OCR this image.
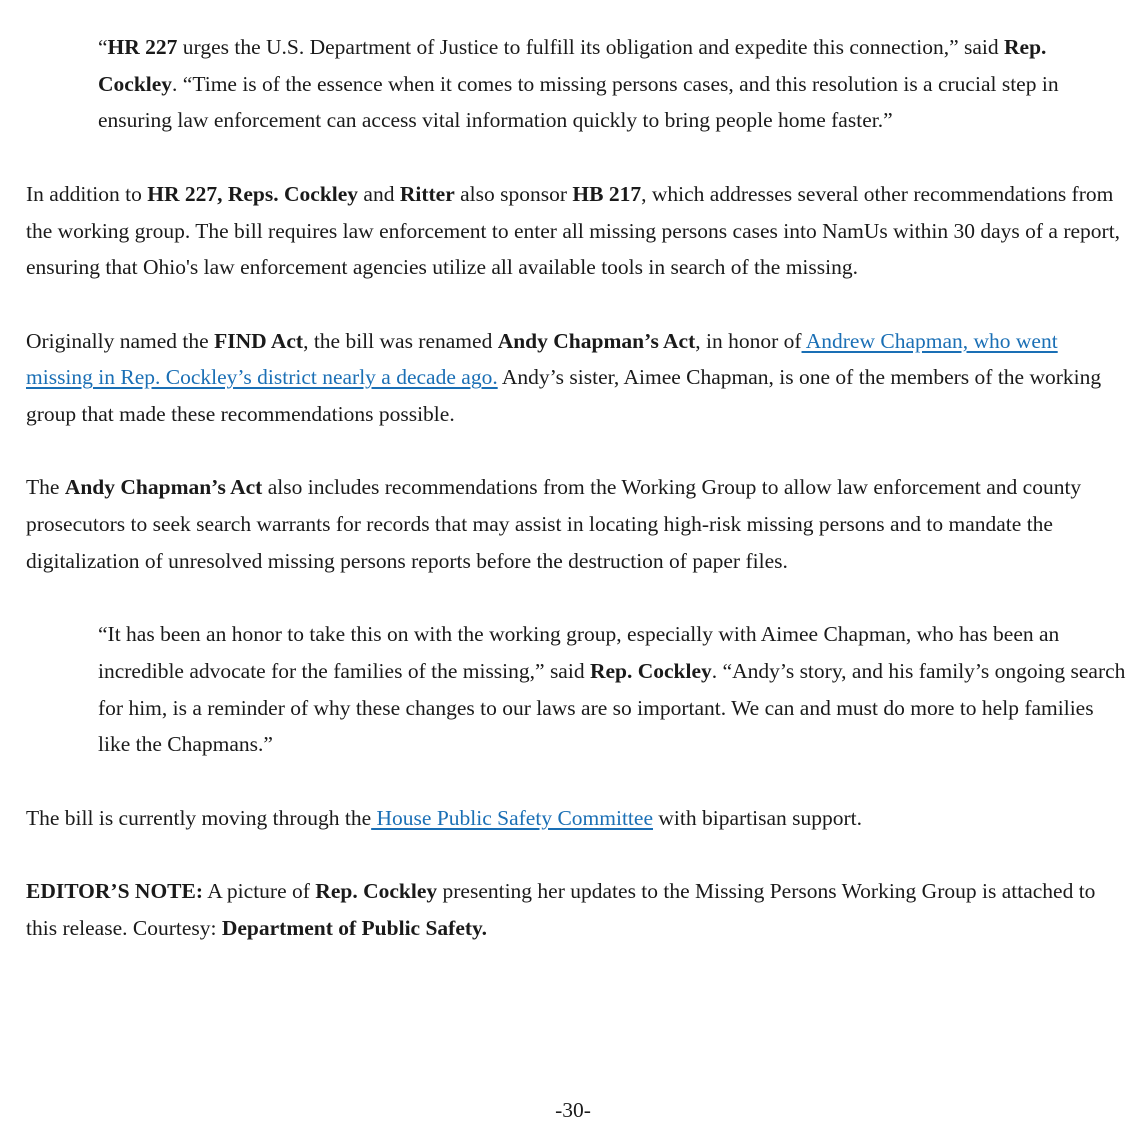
“HR 227 urges the U.S. Department of Justice to fulfill its obligation and expedite this connection,” said Rep. Cockley. “Time is of the essence when it comes to missing persons cases, and this resolution is a crucial step in ensuring law enforcement can access vital information quickly to bring people home faster.”

In addition to HR 227, Reps. Cockley and Ritter also sponsor HB 217, which addresses several other recommendations from the working group. The bill requires law enforcement to enter all missing persons cases into NamUs within 30 days of a report, ensuring that Ohio's law enforcement agencies utilize all available tools in search of the missing.

Originally named the FIND Act, the bill was renamed Andy Chapman’s Act, in honor of Andrew Chapman, who went missing in Rep. Cockley’s district nearly a decade ago. Andy’s sister, Aimee Chapman, is one of the members of the working group that made these recommendations possible.

The Andy Chapman’s Act also includes recommendations from the Working Group to allow law enforcement and county prosecutors to seek search warrants for records that may assist in locating high-risk missing persons and to mandate the digitalization of unresolved missing persons reports before the destruction of paper files.

“It has been an honor to take this on with the working group, especially with Aimee Chapman, who has been an incredible advocate for the families of the missing,” said Rep. Cockley. “Andy’s story, and his family’s ongoing search for him, is a reminder of why these changes to our laws are so important. We can and must do more to help families like the Chapmans.”

The bill is currently moving through the House Public Safety Committee with bipartisan support.

EDITOR’S NOTE: A picture of Rep. Cockley presenting her updates to the Missing Persons Working Group is attached to this release. Courtesy: Department of Public Safety.

-30-
